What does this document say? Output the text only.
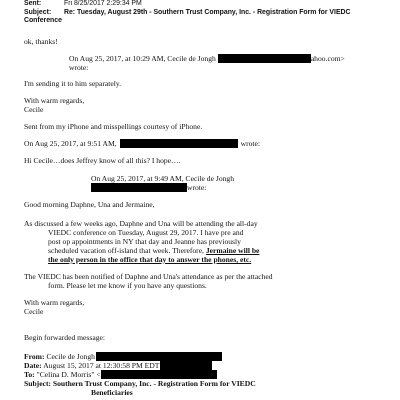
Sent:	Fri 8/25/2017 2:29:34 PM
Subject: Re: Tuesday, August 29th - Southern Trust Company, Inc. - Registration Form for VIEDC
Conference
ok, thanks!
On Aug 25, 2017, at 10:29 AM, Cecile de Jongh	ahoo.com>
wrote:
I'm sending it to him separately.
With warm regards,
Cecile
Sent from my iPhone and misspellings courtesy of iPhone.
On Aug 25, 2017, at 9:51 AM,	wrote:
Hi Cecile…does Jeffrey know of all this? I hope….
On Aug 25, 2017, at 9:49 AM, Cecile de Jongh
wrote:
Good morning Daphne, Una and Jermaine,
As discussed a few weeks ago, Daphne and Una will be attending the all-day
VIEDC conference on Tuesday, August 29, 2017. I have pre and
post op appointments in NY that day and Jeanne has previously
scheduled vacation off-island that week. Therefore, Jermaine will be
the only person in the office that day to answer the phones, etc.
The VIEDC has been notified of Daphne and Una's attendance as per the attached
form. Please let me know if you have any questions.
With warm regards,
Cecile
Begin forwarded message:
From: Cecile de Jongh
Date: August 15, 2017 at 12:30:58 PM EDT
To: "Celina D. Morris" <
Subject: Southern Trust Company, Inc. - Registration Form for VIEDC
Beneficiaries
